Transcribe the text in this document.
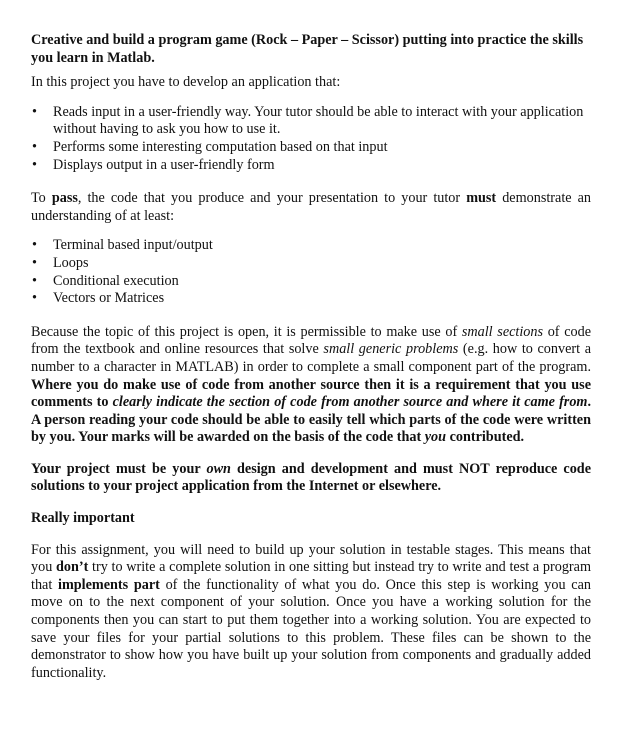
Creative and build a program game (Rock – Paper – Scissor) putting into practice the skills you learn in Matlab.

In this project you have to develop an application that:

• Reads input in a user-friendly way. Your tutor should be able to interact with your application without having to ask you how to use it.
• Performs some interesting computation based on that input
• Displays output in a user-friendly form

To pass, the code that you produce and your presentation to your tutor must demonstrate an understanding of at least:

• Terminal based input/output
• Loops
• Conditional execution
• Vectors or Matrices

Because the topic of this project is open, it is permissible to make use of small sections of code from the textbook and online resources that solve small generic problems (e.g. how to convert a number to a character in MATLAB) in order to complete a small component part of the program. Where you do make use of code from another source then it is a requirement that you use comments to clearly indicate the section of code from another source and where it came from. A person reading your code should be able to easily tell which parts of the code were written by you. Your marks will be awarded on the basis of the code that you contributed.

Your project must be your own design and development and must NOT reproduce code solutions to your project application from the Internet or elsewhere.

Really important

For this assignment, you will need to build up your solution in testable stages. This means that you don’t try to write a complete solution in one sitting but instead try to write and test a program that implements part of the functionality of what you do. Once this step is working you can move on to the next component of your solution. Once you have a working solution for the components then you can start to put them together into a working solution. You are expected to save your files for your partial solutions to this problem. These files can be shown to the demonstrator to show how you have built up your solution from components and gradually added functionality.
